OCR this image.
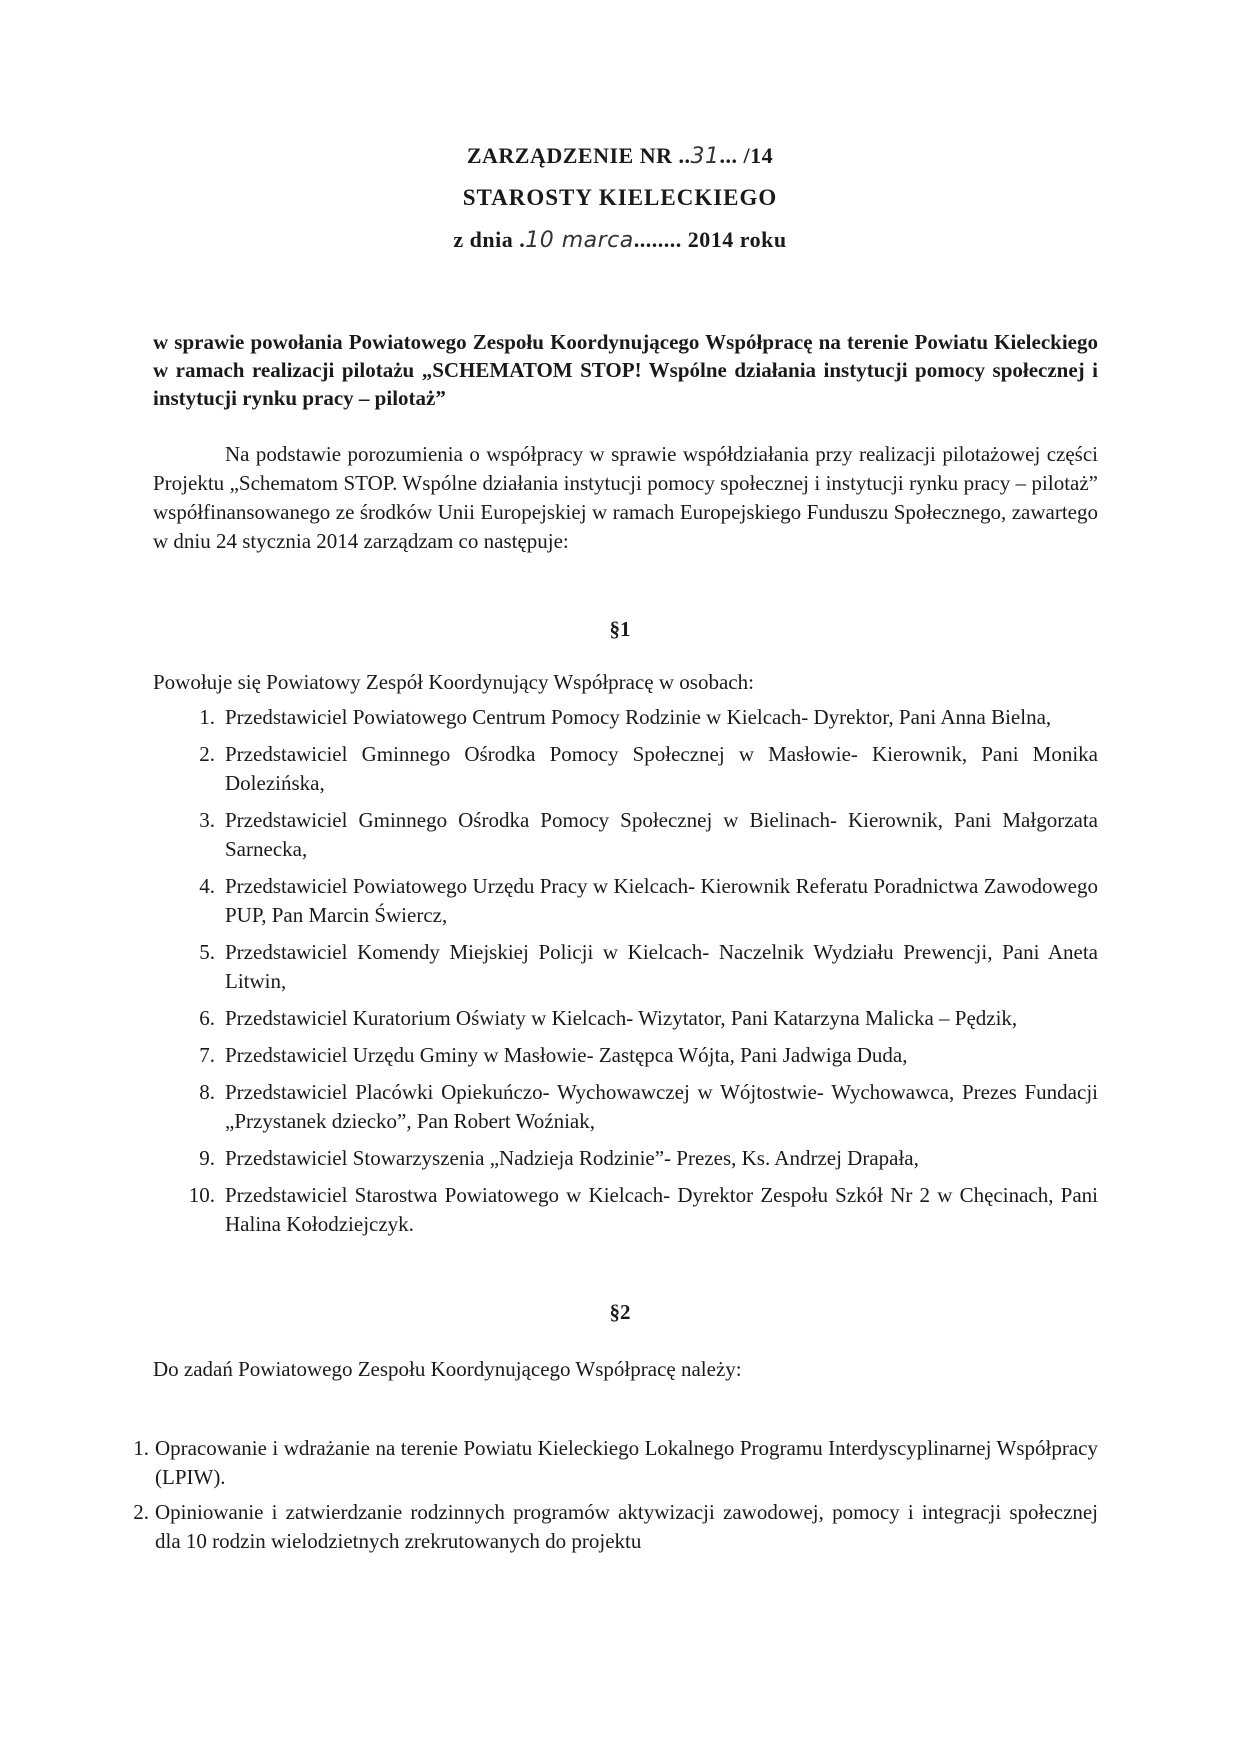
ZARZĄDZENIE NR ..31... /14
STAROSTY KIELECKIEGO
z dnia .10 marca........ 2014 roku
w sprawie powołania Powiatowego Zespołu Koordynującego Współpracę na terenie Powiatu Kieleckiego w ramach realizacji pilotażu „SCHEMATOM STOP! Wspólne działania instytucji pomocy społecznej i instytucji rynku pracy – pilotaż”
Na podstawie porozumienia o współpracy w sprawie współdziałania przy realizacji pilotażowej części Projektu „Schematom STOP. Wspólne działania instytucji pomocy społecznej i instytucji rynku pracy – pilotaż” współfinansowanego ze środków Unii Europejskiej w ramach Europejskiego Funduszu Społecznego, zawartego w dniu 24 stycznia 2014 zarządzam co następuje:
§1
Powołuje się Powiatowy Zespół Koordynujący Współpracę w osobach:
1. Przedstawiciel Powiatowego Centrum Pomocy Rodzinie w Kielcach- Dyrektor, Pani Anna Bielna,
2. Przedstawiciel Gminnego Ośrodka Pomocy Społecznej w Masłowie- Kierownik, Pani Monika Dolezińska,
3. Przedstawiciel Gminnego Ośrodka Pomocy Społecznej w Bielinach- Kierownik, Pani Małgorzata Sarnecka,
4. Przedstawiciel Powiatowego Urzędu Pracy w Kielcach- Kierownik Referatu Poradnictwa Zawodowego PUP, Pan Marcin Świercz,
5. Przedstawiciel Komendy Miejskiej Policji w Kielcach- Naczelnik Wydziału Prewencji, Pani Aneta Litwin,
6. Przedstawiciel Kuratorium Oświaty w Kielcach- Wizytator, Pani Katarzyna Malicka – Pędzik,
7. Przedstawiciel Urzędu Gminy w Masłowie- Zastępca Wójta, Pani Jadwiga Duda,
8. Przedstawiciel Placówki Opiekuńczo- Wychowawczej w Wójtostwie- Wychowawca, Prezes Fundacji „Przystanek dziecko”, Pan Robert Woźniak,
9. Przedstawiciel Stowarzyszenia „Nadzieja Rodzinie”- Prezes, Ks. Andrzej Drapała,
10. Przedstawiciel Starostwa Powiatowego w Kielcach- Dyrektor Zespołu Szkół Nr 2 w Chęcinach, Pani Halina Kołodziejczyk.
§2
Do zadań Powiatowego Zespołu Koordynującego Współpracę należy:
1. Opracowanie i wdrażanie na terenie Powiatu Kieleckiego Lokalnego Programu Interdyscyplinarnej Współpracy (LPIW).
2. Opiniowanie i zatwierdzanie rodzinnych programów aktywizacji zawodowej, pomocy i integracji społecznej dla 10 rodzin wielodzietnych zrekrutowanych do projektu
